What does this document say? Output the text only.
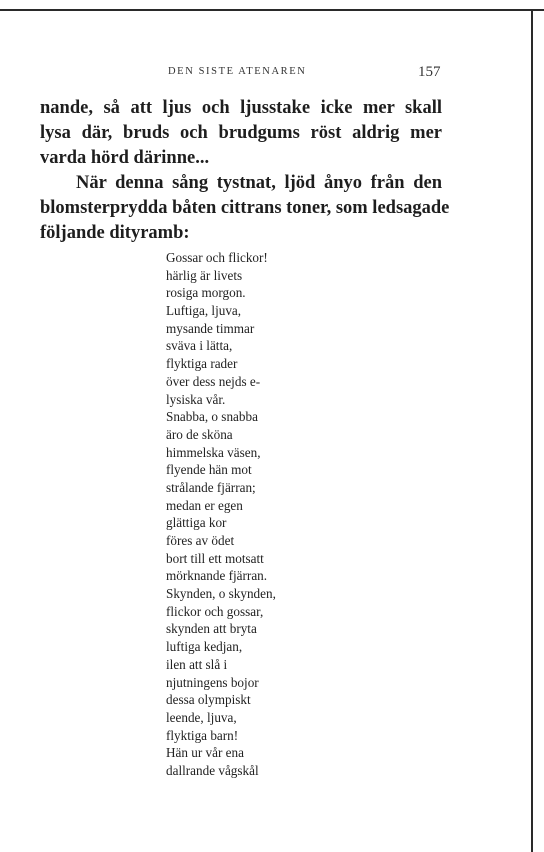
DEN SISTE ATENAREN	157
nande, så att ljus och ljusstake icke mer skall
lysa där, bruds och brudgums röst aldrig mer
varda hörd därinne...
När denna sång tystnat, ljöd ånyo från den
blomsterprydda båten cittrans toner, som ledsagade
följande dityramb:
Gossar och flickor!
härlig är livets
rosiga morgon.
Luftiga, ljuva,
mysande timmar
sväva i lätta,
flyktiga rader
över dess nejds e-
lysiska vår.
Snabba, o snabba
äro de sköna
himmelska väsen,
flyende hän mot
strålande fjärran;
medan er egen
glättiga kor
föres av ödet
bort till ett motsatt
mörknande fjärran.
Skynden, o skynden,
flickor och gossar,
skynden att bryta
luftiga kedjan,
ilen att slå i
njutningens bojor
dessa olympiskt
leende, ljuva,
flyktiga barn!
Hän ur vår ena
dallrande vågskål
